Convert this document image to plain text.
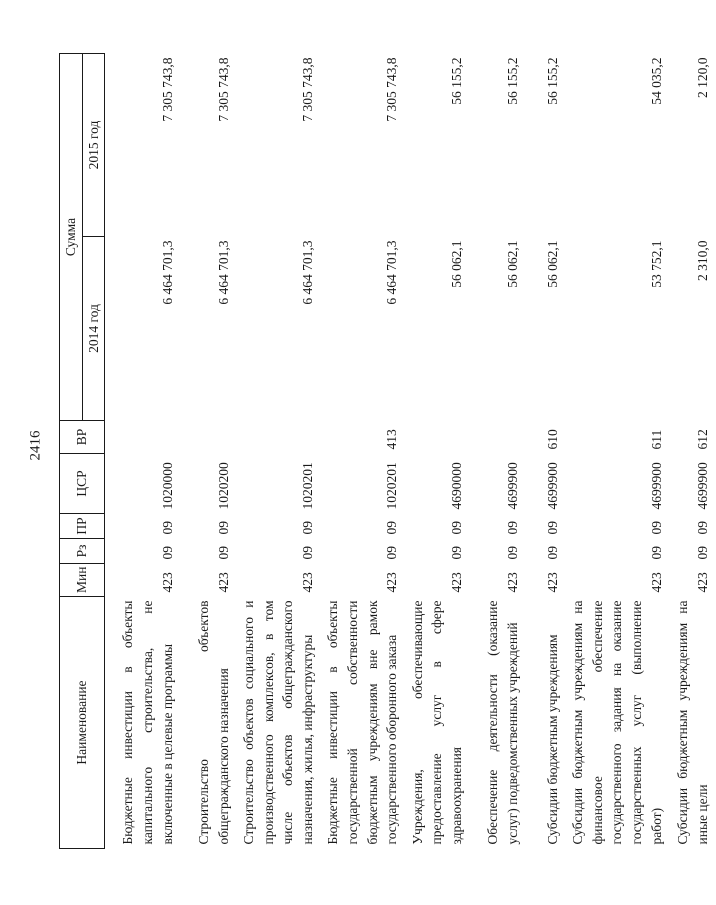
2416
Наименование	Мин	Рз	ПР	ЦСР	ВР	Сумма	
						2014 год	2015 год
Бюджетные инвестиции в объекты капитального строительства, не включенные в целевые программы	423	09	09	1020000		6 464 701,3	7 305 743,8
Строительство объектов общегражданского назначения	423	09	09	1020200		6 464 701,3	7 305 743,8
Строительство объектов социального и производственного комплексов, в том числе объектов общегражданского назначения, жилья, инфраструктуры	423	09	09	1020201		6 464 701,3	7 305 743,8
Бюджетные инвестиции в объекты государственной собственности бюджетным учреждениям вне рамок государственного оборонного заказа	423	09	09	1020201	413	6 464 701,3	7 305 743,8
Учреждения, обеспечивающие предоставление услуг в сфере здравоохранения	423	09	09	4690000		56 062,1	56 155,2
Обеспечение деятельности (оказание услуг) подведомственных учреждений	423	09	09	4699900		56 062,1	56 155,2
Субсидии бюджетным учреждениям	423	09	09	4699900	610	56 062,1	56 155,2
Субсидии бюджетным учреждениям на финансовое обеспечение государственного задания на оказание государственных услуг (выполнение работ)	423	09	09	4699900	611	53 752,1	54 035,2
Субсидии бюджетным учреждениям на иные цели	423	09	09	4699900	612	2 310,0	2 120,0
